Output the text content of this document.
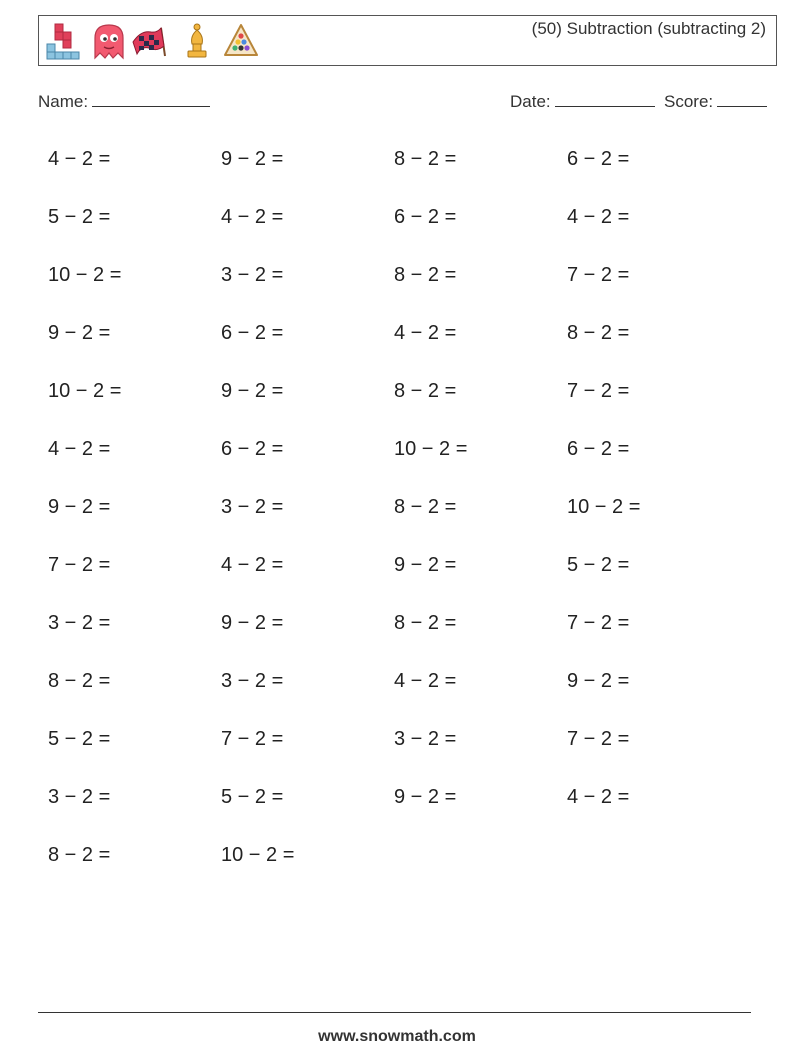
(50) Subtraction (subtracting 2)
Name:	Date:	Score:
4 − 2 =	9 − 2 =	8 − 2 =	6 − 2 =
5 − 2 =	4 − 2 =	6 − 2 =	4 − 2 =
10 − 2 =	3 − 2 =	8 − 2 =	7 − 2 =
9 − 2 =	6 − 2 =	4 − 2 =	8 − 2 =
10 − 2 =	9 − 2 =	8 − 2 =	7 − 2 =
4 − 2 =	6 − 2 =	10 − 2 =	6 − 2 =
9 − 2 =	3 − 2 =	8 − 2 =	10 − 2 =
7 − 2 =	4 − 2 =	9 − 2 =	5 − 2 =
3 − 2 =	9 − 2 =	8 − 2 =	7 − 2 =
8 − 2 =	3 − 2 =	4 − 2 =	9 − 2 =
5 − 2 =	7 − 2 =	3 − 2 =	7 − 2 =
3 − 2 =	5 − 2 =	9 − 2 =	4 − 2 =
8 − 2 =	10 − 2 =
www.snowmath.com
